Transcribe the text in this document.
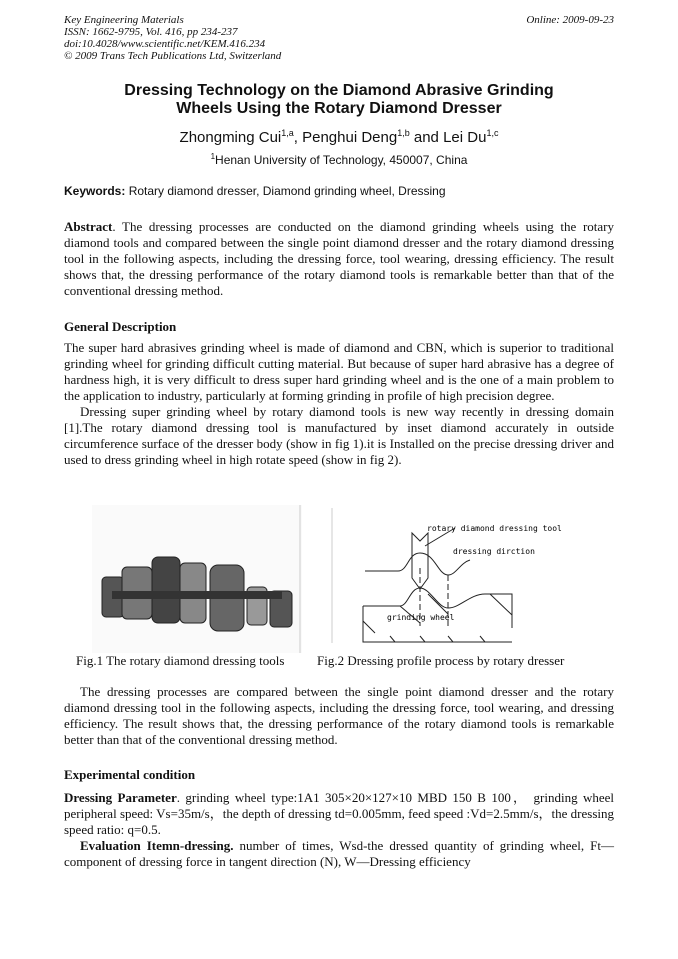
Key Engineering Materials
ISSN: 1662-9795, Vol. 416, pp 234-237
doi:10.4028/www.scientific.net/KEM.416.234
© 2009 Trans Tech Publications Ltd, Switzerland
Online: 2009-09-23
Dressing Technology on the Diamond Abrasive Grinding
Wheels Using the Rotary Diamond Dresser
Zhongming Cui$^{1,a}$, Penghui Deng$^{1,b}$ and Lei Du$^{1,c}$
$^1$Henan University of Technology, 450007, China
Keywords: Rotary diamond dresser, Diamond grinding wheel, Dressing
Abstract. The dressing processes are conducted on the diamond grinding wheels using the rotary diamond tools and compared between the single point diamond dresser and the rotary diamond dressing tool in the following aspects, including the dressing force, tool wearing, dressing efficiency. The result shows that, the dressing performance of the rotary diamond tools is remarkable better than that of the conventional dressing method.
General Description
The super hard abrasives grinding wheel is made of diamond and CBN, which is superior to traditional grinding wheel for grinding difficult cutting material. But because of super hard abrasive has a degree of hardness high, it is very difficult to dress super hard grinding wheel and is the one of a main problem to the application to industry, particularly at forming grinding in profile of high precision degree.
Dressing super grinding wheel by rotary diamond tools is new way recently in dressing domain [1].The rotary diamond dressing tool is manufactured by inset diamond accurately in outside circumference surface of the dresser body (show in fig 1).it is Installed on the precise dressing driver and used to dress grinding wheel in high rotate speed (show in fig 2).
rotary diamond dressing tool
dressing dirction
grinding wheel
Fig.1 The rotary diamond dressing tools	Fig.2 Dressing profile process by rotary dresser
The dressing processes are compared between the single point diamond dresser and the rotary diamond dressing tool in the following aspects, including the dressing force, tool wearing, and dressing efficiency. The result shows that, the dressing performance of the rotary diamond tools is remarkable better than that of the conventional dressing method.
Experimental condition
Dressing Parameter. grinding wheel type:1A1 305×20×127×10 MBD 150 B 100， grinding wheel peripheral speed: Vs=35m/s，the depth of dressing td=0.005mm, feed speed :Vd=2.5mm/s，the dressing speed ratio: q=0.5.
Evaluation Itemn-dressing. number of times, Wsd-the dressed quantity of grinding wheel, Ft—component of dressing force in tangent direction (N), W—Dressing efficiency
